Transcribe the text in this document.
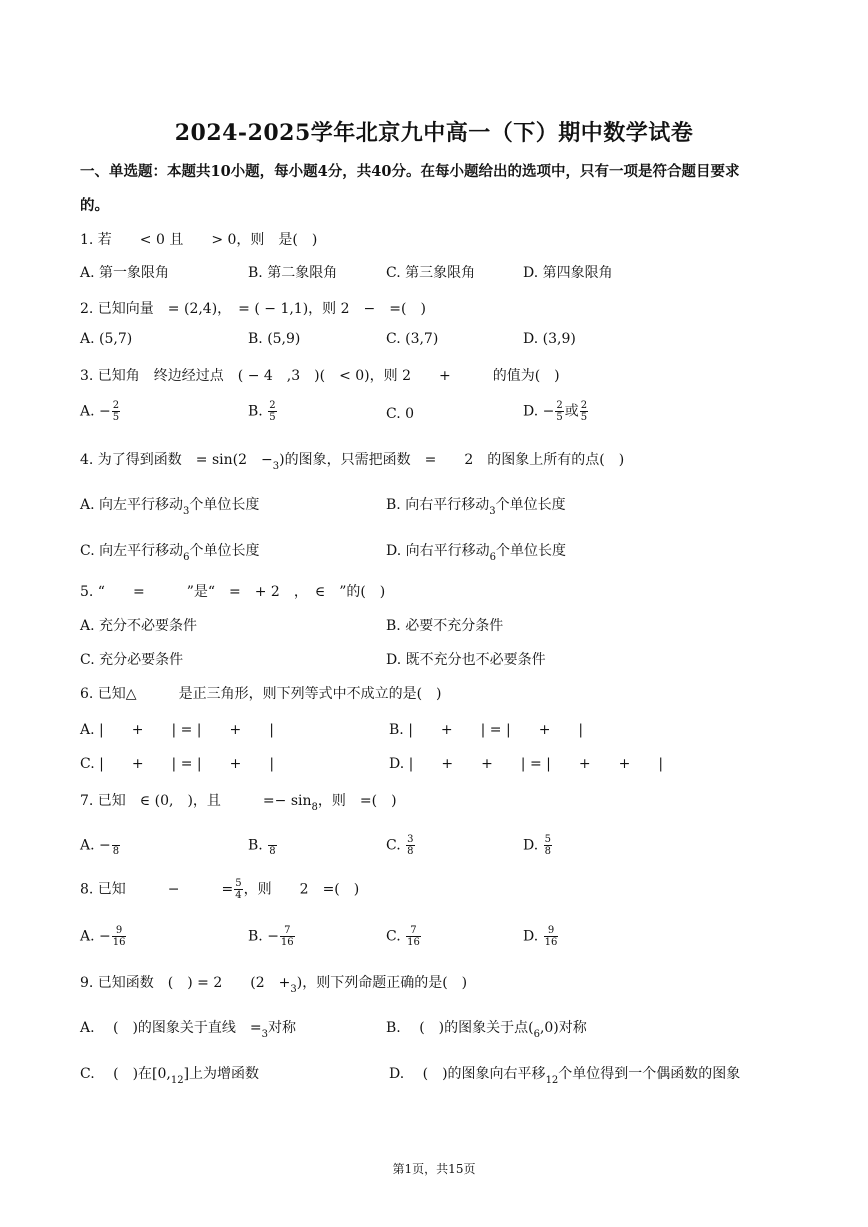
2024-2025学年北京九中高一（下）期中数学试卷
一、单选题：本题共10小题，每小题4分，共40分。在每小题给出的选项中，只有一项是符合题目要求
的。
1. 若　　< 0 且　　> 0，则　是(　)
A. 第一象限角	B. 第二象限角	C. 第三象限角	D. 第四象限角
2. 已知向量　= (2,4)，　= ( − 1,1)，则 2　−　=(　)
A. (5,7)	B. (5,9)	C. (3,7)	D. (3,9)
3. 已知角　终边经过点　( − 4　,3　)(　< 0)，则 2　　+　　　的值为(　)
A. − $\frac{2}{5}$	B. $\frac{2}{5}$	C. 0	D. − $\frac{2}{5}$ 或 $\frac{2}{5}$
4. 为了得到函数　= sin(2　$-_3$)的图象，只需把函数　=　　2　的图象上所有的点(　)
A. 向左平行移动$_3$个单位长度	B. 向右平行移动$_3$个单位长度
C. 向左平行移动$_6$个单位长度	D. 向右平行移动$_6$个单位长度
5. “　　=　　　”是“　=　+ 2　，　∈　”的(　)
A. 充分不必要条件	B. 必要不充分条件
C. 充分必要条件	D. 既不充分也不必要条件
6. 已知△　　　是正三角形，则下列等式中不成立的是(　)
A. |　　+　　| = |　　+　　|	B. |　　+　　| = |　　+　　|
C. |　　+　　| = |　　+　　|	D. |　　+　　+　　| = |　　+　　+　　|
7. 已知　∈ (0,　)，且　　　=− $\sin_8$，则　=(　)
A. −
  8	B.
  8	C. $\frac{3}{8}$	D. $\frac{5}{8}$
8. 已知　　　−　　　= $\frac{5}{4}$ ，则　　2　=(　)
A. − $\frac{9}{16}$	B. − $\frac{7}{16}$	C. $\frac{7}{16}$	D. $\frac{9}{16}$
9. 已知函数　(　) = 2　　(2　$+_3$)，则下列命题正确的是(　)
A. 　(　)的图象关于直线　$=_3$对称	B. 　(　)的图象关于点$(_6,0)$对称
C. 　(　)在$[0,_{12}]$上为增函数	D. 　(　)的图象向右平移$_{12}$个单位得到一个偶函数的图象
第1页，共15页
